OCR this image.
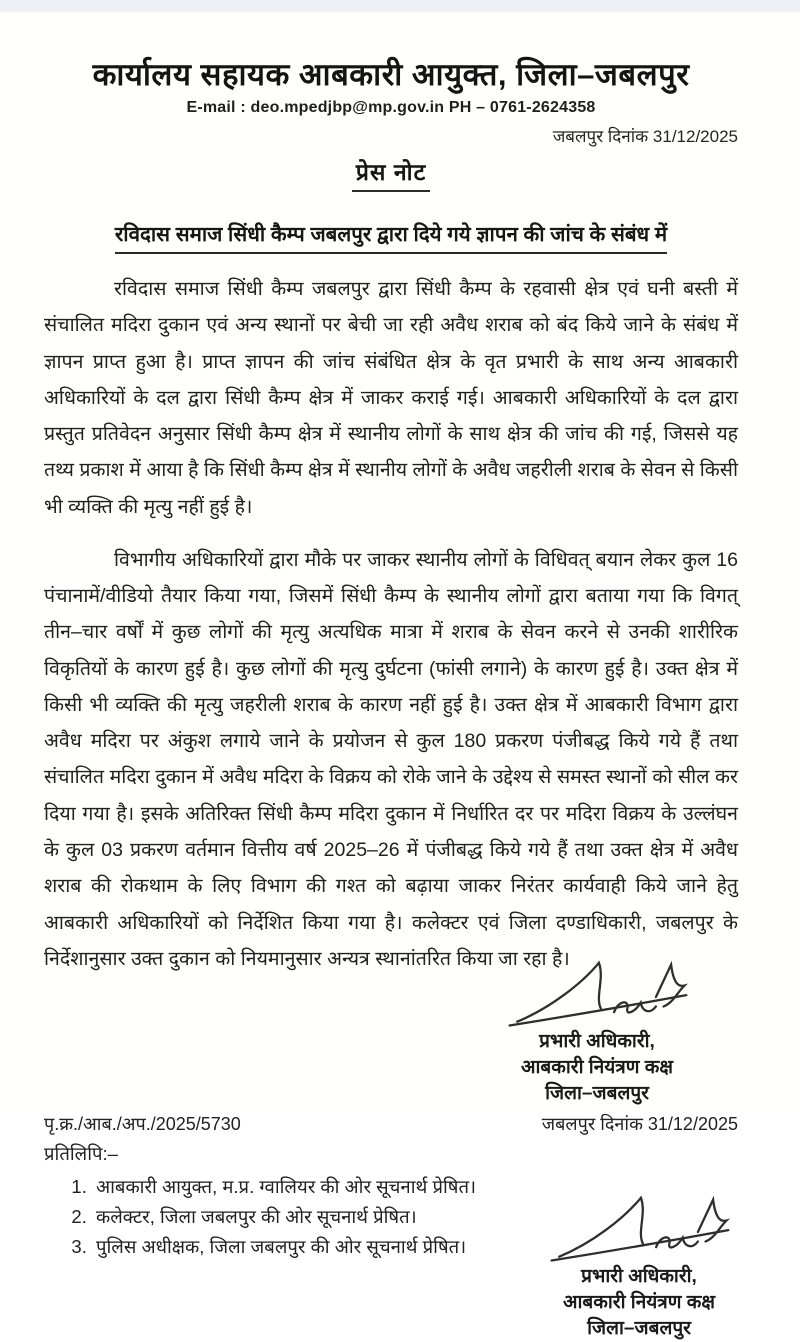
कार्यालय सहायक आबकारी आयुक्त, जिला–जबलपुर
E-mail : deo.mpedjbp@mp.gov.in PH – 0761-2624358
जबलपुर दिनांक 31/12/2025
प्रेस नोट
रविदास समाज सिंधी कैम्प जबलपुर द्वारा दिये गये ज्ञापन की जांच के संबंध में

रविदास समाज सिंधी कैम्प जबलपुर द्वारा सिंधी कैम्प के रहवासी क्षेत्र एवं घनी बस्ती में संचालित मदिरा दुकान एवं अन्य स्थानों पर बेची जा रही अवैध शराब को बंद किये जाने के संबंध में ज्ञापन प्राप्त हुआ है। प्राप्त ज्ञापन की जांच संबंधित क्षेत्र के वृत प्रभारी के साथ अन्य आबकारी अधिकारियों के दल द्वारा सिंधी कैम्प क्षेत्र में जाकर कराई गई। आबकारी अधिकारियों के दल द्वारा प्रस्तुत प्रतिवेदन अनुसार सिंधी कैम्प क्षेत्र में स्थानीय लोगों के साथ क्षेत्र की जांच की गई, जिससे यह तथ्य प्रकाश में आया है कि सिंधी कैम्प क्षेत्र में स्थानीय लोगों के अवैध जहरीली शराब के सेवन से किसी भी व्यक्ति की मृत्यु नहीं हुई है।

विभागीय अधिकारियों द्वारा मौके पर जाकर स्थानीय लोगों के विधिवत् बयान लेकर कुल 16 पंचानामें/वीडियो तैयार किया गया, जिसमें सिंधी कैम्प के स्थानीय लोगों द्वारा बताया गया कि विगत् तीन–चार वर्षों में कुछ लोगों की मृत्यु अत्यधिक मात्रा में शराब के सेवन करने से उनकी शारीरिक विकृतियों के कारण हुई है। कुछ लोगों की मृत्यु दुर्घटना (फांसी लगाने) के कारण हुई है। उक्त क्षेत्र में किसी भी व्यक्ति की मृत्यु जहरीली शराब के कारण नहीं हुई है। उक्त क्षेत्र में आबकारी विभाग द्वारा अवैध मदिरा पर अंकुश लगाये जाने के प्रयोजन से कुल 180 प्रकरण पंजीबद्ध किये गये हैं तथा संचालित मदिरा दुकान में अवैध मदिरा के विक्रय को रोके जाने के उद्देश्य से समस्त स्थानों को सील कर दिया गया है। इसके अतिरिक्त सिंधी कैम्प मदिरा दुकान में निर्धारित दर पर मदिरा विक्रय के उल्लंघन के कुल 03 प्रकरण वर्तमान वित्तीय वर्ष 2025–26 में पंजीबद्ध किये गये हैं तथा उक्त क्षेत्र में अवैध शराब की रोकथाम के लिए विभाग की गश्त को बढ़ाया जाकर निरंतर कार्यवाही किये जाने हेतु आबकारी अधिकारियों को निर्देशित किया गया है। कलेक्टर एवं जिला दण्डाधिकारी, जबलपुर के निर्देशानुसार उक्त दुकान को नियमानुसार अन्यत्र स्थानांतरित किया जा रहा है।

प्रभारी अधिकारी,
आबकारी नियंत्रण कक्ष
जिला–जबलपुर
पृ.क्र./आब./अप./2025/5730	जबलपुर दिनांक 31/12/2025
प्रतिलिपि:–
1. आबकारी आयुक्त, म.प्र. ग्वालियर की ओर सूचनार्थ प्रेषित।
2. कलेक्टर, जिला जबलपुर की ओर सूचनार्थ प्रेषित।
3. पुलिस अधीक्षक, जिला जबलपुर की ओर सूचनार्थ प्रेषित।
प्रभारी अधिकारी,
आबकारी नियंत्रण कक्ष
जिला–जबलपुर
